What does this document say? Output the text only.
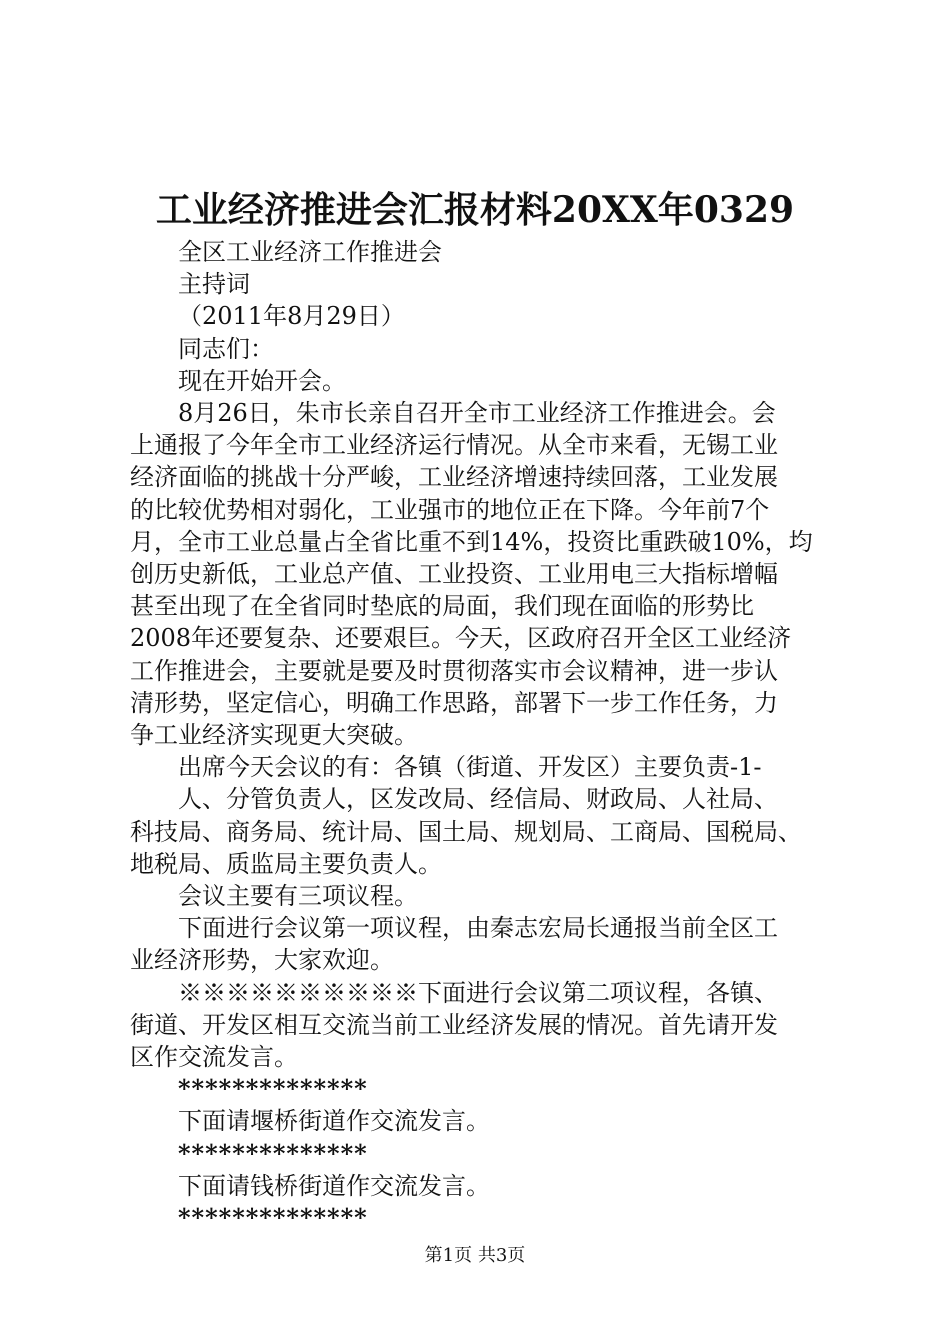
工业经济推进会汇报材料20XX年0329

全区工业经济工作推进会

主持词

（2011年8月29日）

同志们：

现在开始开会。

8月26日，朱市长亲自召开全市工业经济工作推进会。会

上通报了今年全市工业经济运行情况。从全市来看，无锡工业

经济面临的挑战十分严峻，工业经济增速持续回落，工业发展

的比较优势相对弱化，工业强市的地位正在下降。今年前7个

月，全市工业总量占全省比重不到14%，投资比重跌破10%，均

创历史新低，工业总产值、工业投资、工业用电三大指标增幅

甚至出现了在全省同时垫底的局面，我们现在面临的形势比

2008年还要复杂、还要艰巨。今天，区政府召开全区工业经济

工作推进会，主要就是要及时贯彻落实市会议精神，进一步认

清形势，坚定信心，明确工作思路，部署下一步工作任务，力

争工业经济实现更大突破。

出席今天会议的有：各镇（街道、开发区）主要负责-1-

人、分管负责人，区发改局、经信局、财政局、人社局、

科技局、商务局、统计局、国土局、规划局、工商局、国税局、

地税局、质监局主要负责人。

会议主要有三项议程。

下面进行会议第一项议程，由秦志宏局长通报当前全区工

业经济形势，大家欢迎。

※※※※※※※※※※下面进行会议第二项议程，各镇、

街道、开发区相互交流当前工业经济发展的情况。首先请开发

区作交流发言。

**************

下面请堰桥街道作交流发言。

**************

下面请钱桥街道作交流发言。

**************

第1页 共3页
